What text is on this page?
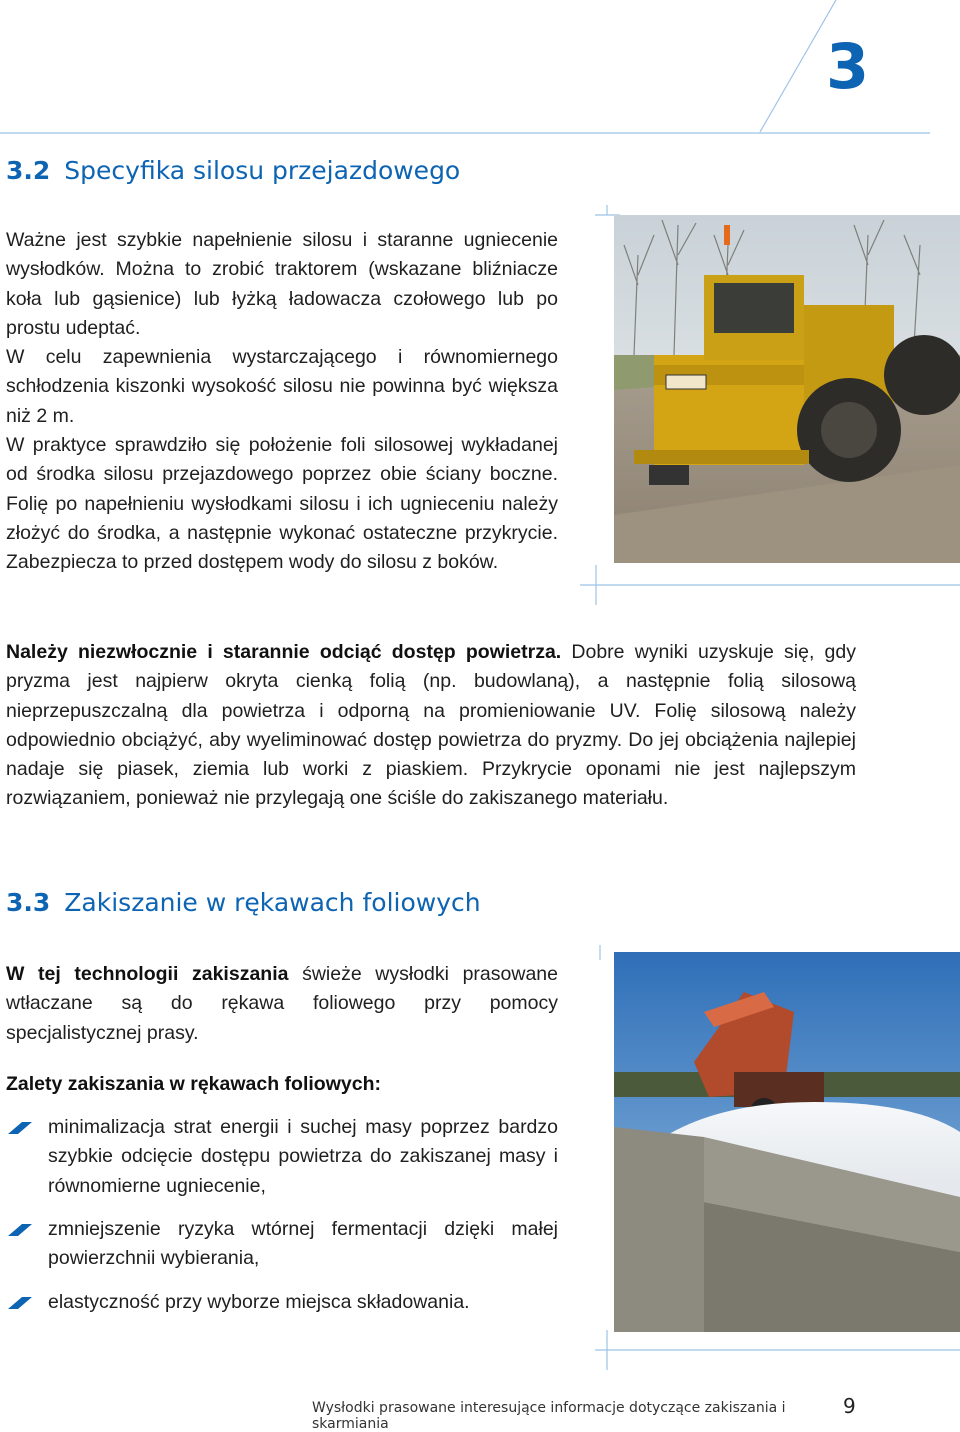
3
3.2 Specyfika silosu przejazdowego

Ważne jest szybkie napełnienie silosu i staranne ugniecenie wysłodków. Można to zrobić traktorem (wskazane bliźniacze koła lub gąsienice) lub łyżką ładowacza czołowego lub po prostu udeptać.

W celu zapewnienia wystarczającego i równomiernego schłodzenia kiszonki wysokość silosu nie powinna być większa niż 2 m.

W praktyce sprawdziło się położenie foli silosowej wykładanej od środka silosu przejazdowego poprzez obie ściany boczne. Folię po napełnieniu wysłodkami silosu i ich ugnieceniu należy złożyć do środka, a następnie wykonać ostateczne przykrycie. Zabezpiecza to przed dostępem wody do silosu z boków.

Należy niezwłocznie i starannie odciąć dostęp powietrza. Dobre wyniki uzyskuje się, gdy pryzma jest najpierw okryta cienką folią (np. budowlaną), a następnie folią silosową nieprzepuszczalną dla powietrza i odporną na promieniowanie UV. Folię silosową należy odpowiednio obciążyć, aby wyeliminować dostęp powietrza do pryzmy. Do jej obciążenia najlepiej nadaje się piasek, ziemia lub worki z piaskiem. Przykrycie oponami nie jest najlepszym rozwiązaniem, ponieważ nie przylegają one ściśle do zakiszanego materiału.

3.3 Zakiszanie w rękawach foliowych

W tej technologii zakiszania świeże wysłodki prasowane wtłaczane są do rękawa foliowego przy pomocy specjalistycznej prasy.

Zalety zakiszania w rękawach foliowych:

minimalizacja strat energii i suchej masy poprzez bardzo szybkie odcięcie dostępu powietrza do zakiszanej masy i równomierne ugniecenie,
zmniejszenie ryzyka wtórnej fermentacji dzięki małej powierzchnii wybierania,
elastyczność przy wyborze miejsca składowania.
Wysłodki prasowane interesujące informacje dotyczące zakiszania i skarmiania
9
